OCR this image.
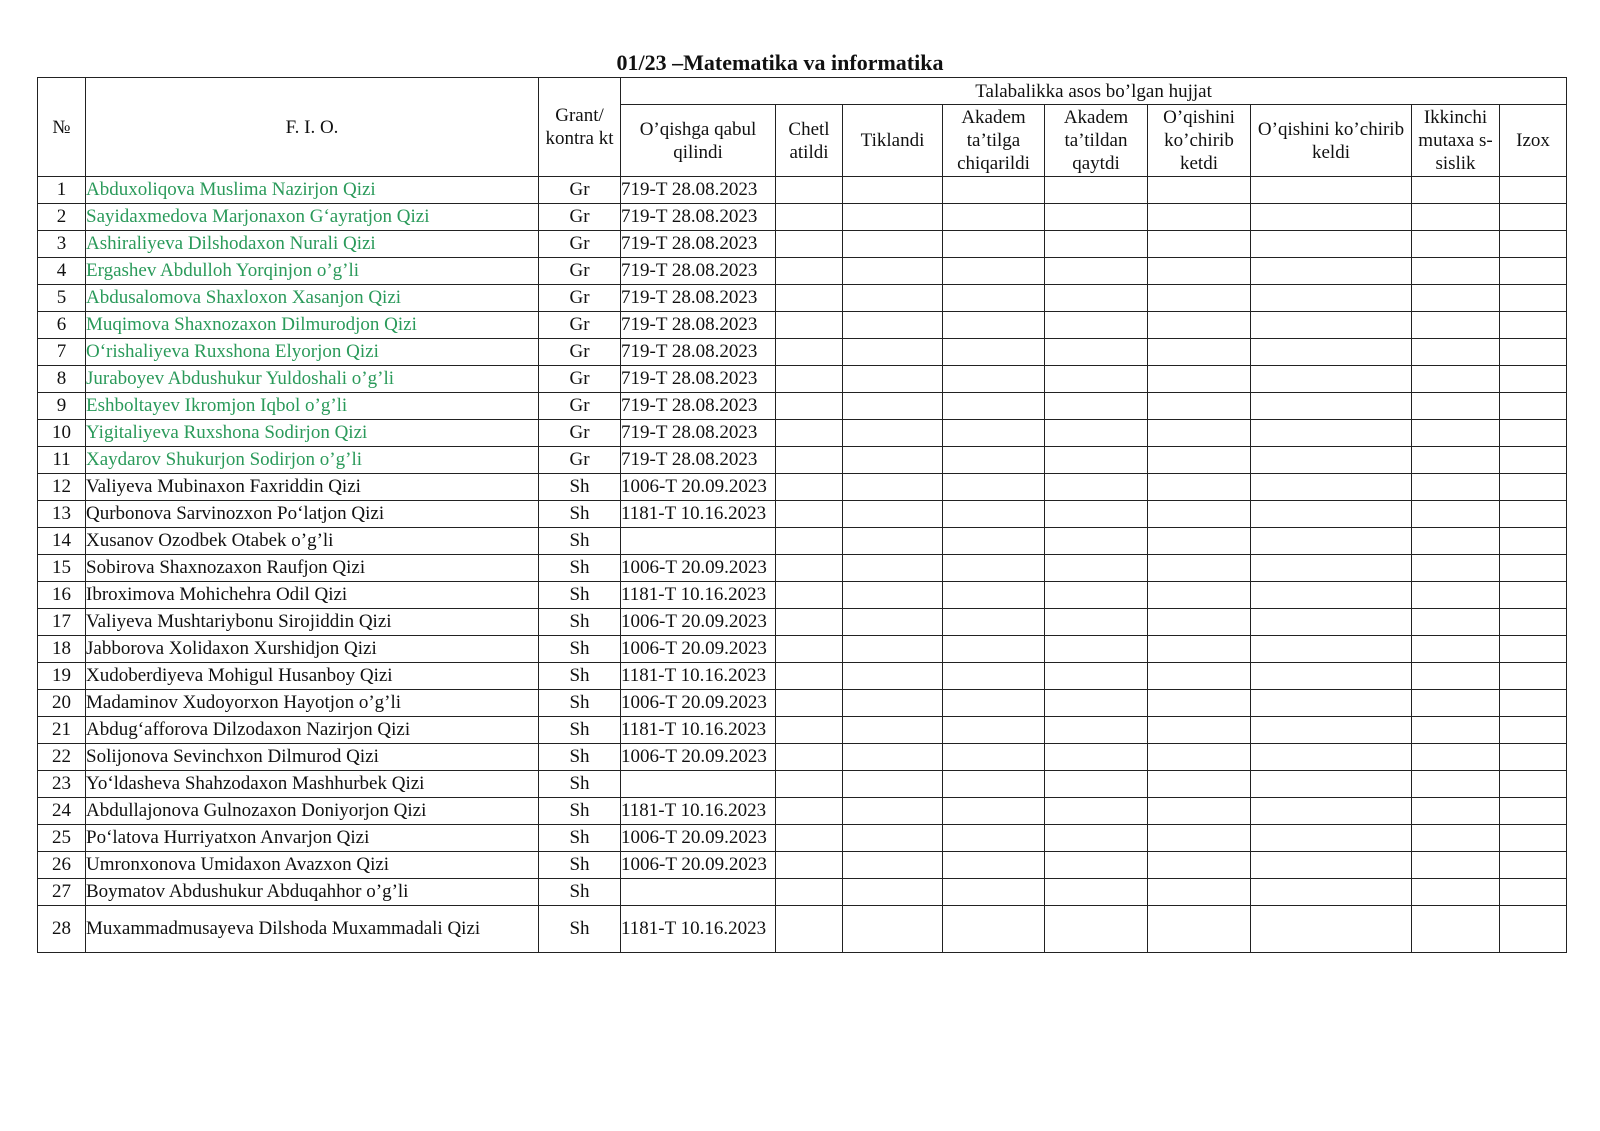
01/23 –Matematika va informatika
№	F. I. O.	Grant/ kontra kt	Talabalikka asos bo’lgan hujjat								
			O’qishga qabul qilindi	Chetl atildi	Tiklandi	Akadem ta’tilga chiqarildi	Akadem ta’tildan qaytdi	O’qishini ko’chirib ketdi	O’qishini ko’chirib keldi	Ikkinchi mutaxa s-sislik	Izox
1	Abduxoliqova Muslima Nazirjon Qizi	Gr	719-T 28.08.2023								
2	Sayidaxmedova Marjonaxon G‘ayratjon Qizi	Gr	719-T 28.08.2023								
3	Ashiraliyeva Dilshodaxon Nurali Qizi	Gr	719-T 28.08.2023								
4	Ergashev Abdulloh Yorqinjon o’g’li	Gr	719-T 28.08.2023								
5	Abdusalomova Shaxloxon Xasanjon Qizi	Gr	719-T 28.08.2023								
6	Muqimova Shaxnozaxon Dilmurodjon Qizi	Gr	719-T 28.08.2023								
7	O‘rishaliyeva Ruxshona Elyorjon Qizi	Gr	719-T 28.08.2023								
8	Juraboyev Abdushukur Yuldoshali o’g’li	Gr	719-T 28.08.2023								
9	Eshboltayev Ikromjon Iqbol o’g’li	Gr	719-T 28.08.2023								
10	Yigitaliyeva Ruxshona Sodirjon Qizi	Gr	719-T 28.08.2023								
11	Xaydarov Shukurjon Sodirjon o’g’li	Gr	719-T 28.08.2023								
12	Valiyeva Mubinaxon Faxriddin Qizi	Sh	1006-T 20.09.2023								
13	Qurbonova Sarvinozxon Po‘latjon Qizi	Sh	1181-T 10.16.2023								
14	Xusanov Ozodbek Otabek o’g’li	Sh									
15	Sobirova Shaxnozaxon Raufjon Qizi	Sh	1006-T 20.09.2023								
16	Ibroximova Mohichehra Odil Qizi	Sh	1181-T 10.16.2023								
17	Valiyeva Mushtariybonu Sirojiddin Qizi	Sh	1006-T 20.09.2023								
18	Jabborova Xolidaxon Xurshidjon Qizi	Sh	1006-T 20.09.2023								
19	Xudoberdiyeva Mohigul Husanboy Qizi	Sh	1181-T 10.16.2023								
20	Madaminov Xudoyorxon Hayotjon o’g’li	Sh	1006-T 20.09.2023								
21	Abdug‘afforova Dilzodaxon Nazirjon Qizi	Sh	1181-T 10.16.2023								
22	Solijonova Sevinchxon Dilmurod Qizi	Sh	1006-T 20.09.2023								
23	Yo‘ldasheva Shahzodaxon Mashhurbek Qizi	Sh									
24	Abdullajonova Gulnozaxon Doniyorjon Qizi	Sh	1181-T 10.16.2023								
25	Po‘latova Hurriyatxon Anvarjon Qizi	Sh	1006-T 20.09.2023								
26	Umronxonova Umidaxon Avazxon Qizi	Sh	1006-T 20.09.2023								
27	Boymatov Abdushukur Abduqahhor o’g’li	Sh									
28	Muxammadmusayeva Dilshoda Muxammadali Qizi	Sh	1181-T 10.16.2023								
